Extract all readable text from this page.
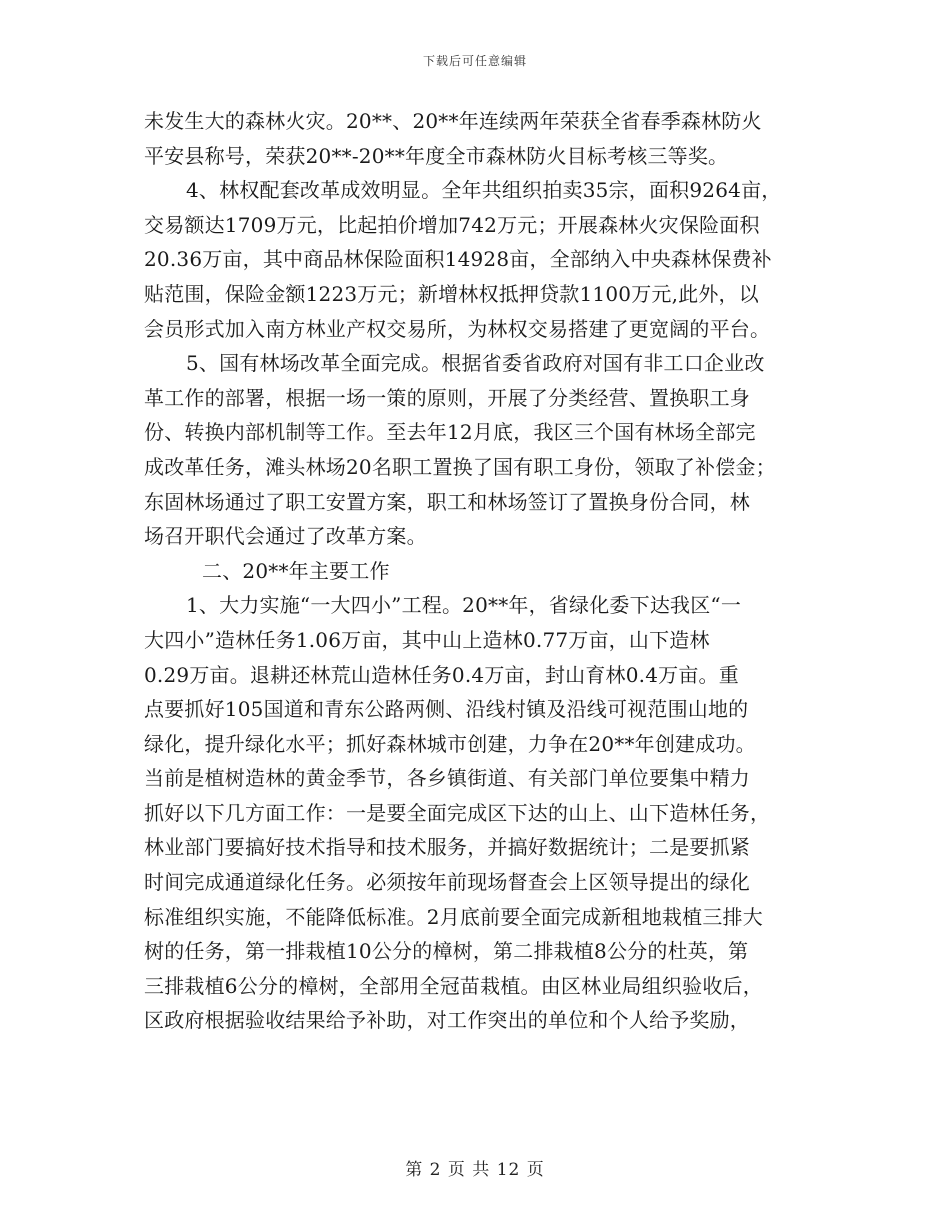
下载后可任意编辑
未发生大的森林火灾。20**、20**年连续两年荣获全省春季森林防火
平安县称号，荣获20**-20**年度全市森林防火目标考核三等奖。
4、林权配套改革成效明显。全年共组织拍卖35宗，面积9264亩，
交易额达1709万元，比起拍价增加742万元；开展森林火灾保险面积
20.36万亩，其中商品林保险面积14928亩，全部纳入中央森林保费补
贴范围，保险金额1223万元；新增林权抵押贷款1100万元,此外，以
会员形式加入南方林业产权交易所，为林权交易搭建了更宽阔的平台。
5、国有林场改革全面完成。根据省委省政府对国有非工口企业改
革工作的部署，根据一场一策的原则，开展了分类经营、置换职工身
份、转换内部机制等工作。至去年12月底，我区三个国有林场全部完
成改革任务，滩头林场20名职工置换了国有职工身份，领取了补偿金；
东固林场通过了职工安置方案，职工和林场签订了置换身份合同，林
场召开职代会通过了改革方案。
二、20**年主要工作
1、大力实施“一大四小”工程。20**年，省绿化委下达我区“一
大四小”造林任务1.06万亩，其中山上造林0.77万亩，山下造林
0.29万亩。退耕还林荒山造林任务0.4万亩，封山育林0.4万亩。重
点要抓好105国道和青东公路两侧、沿线村镇及沿线可视范围山地的
绿化，提升绿化水平；抓好森林城市创建，力争在20**年创建成功。
当前是植树造林的黄金季节，各乡镇街道、有关部门单位要集中精力
抓好以下几方面工作：一是要全面完成区下达的山上、山下造林任务，
林业部门要搞好技术指导和技术服务，并搞好数据统计；二是要抓紧
时间完成通道绿化任务。必须按年前现场督查会上区领导提出的绿化
标准组织实施，不能降低标准。2月底前要全面完成新租地栽植三排大
树的任务，第一排栽植10公分的樟树，第二排栽植8公分的杜英，第
三排栽植6公分的樟树，全部用全冠苗栽植。由区林业局组织验收后，
区政府根据验收结果给予补助，对工作突出的单位和个人给予奖励，
第 2 页 共 12 页
